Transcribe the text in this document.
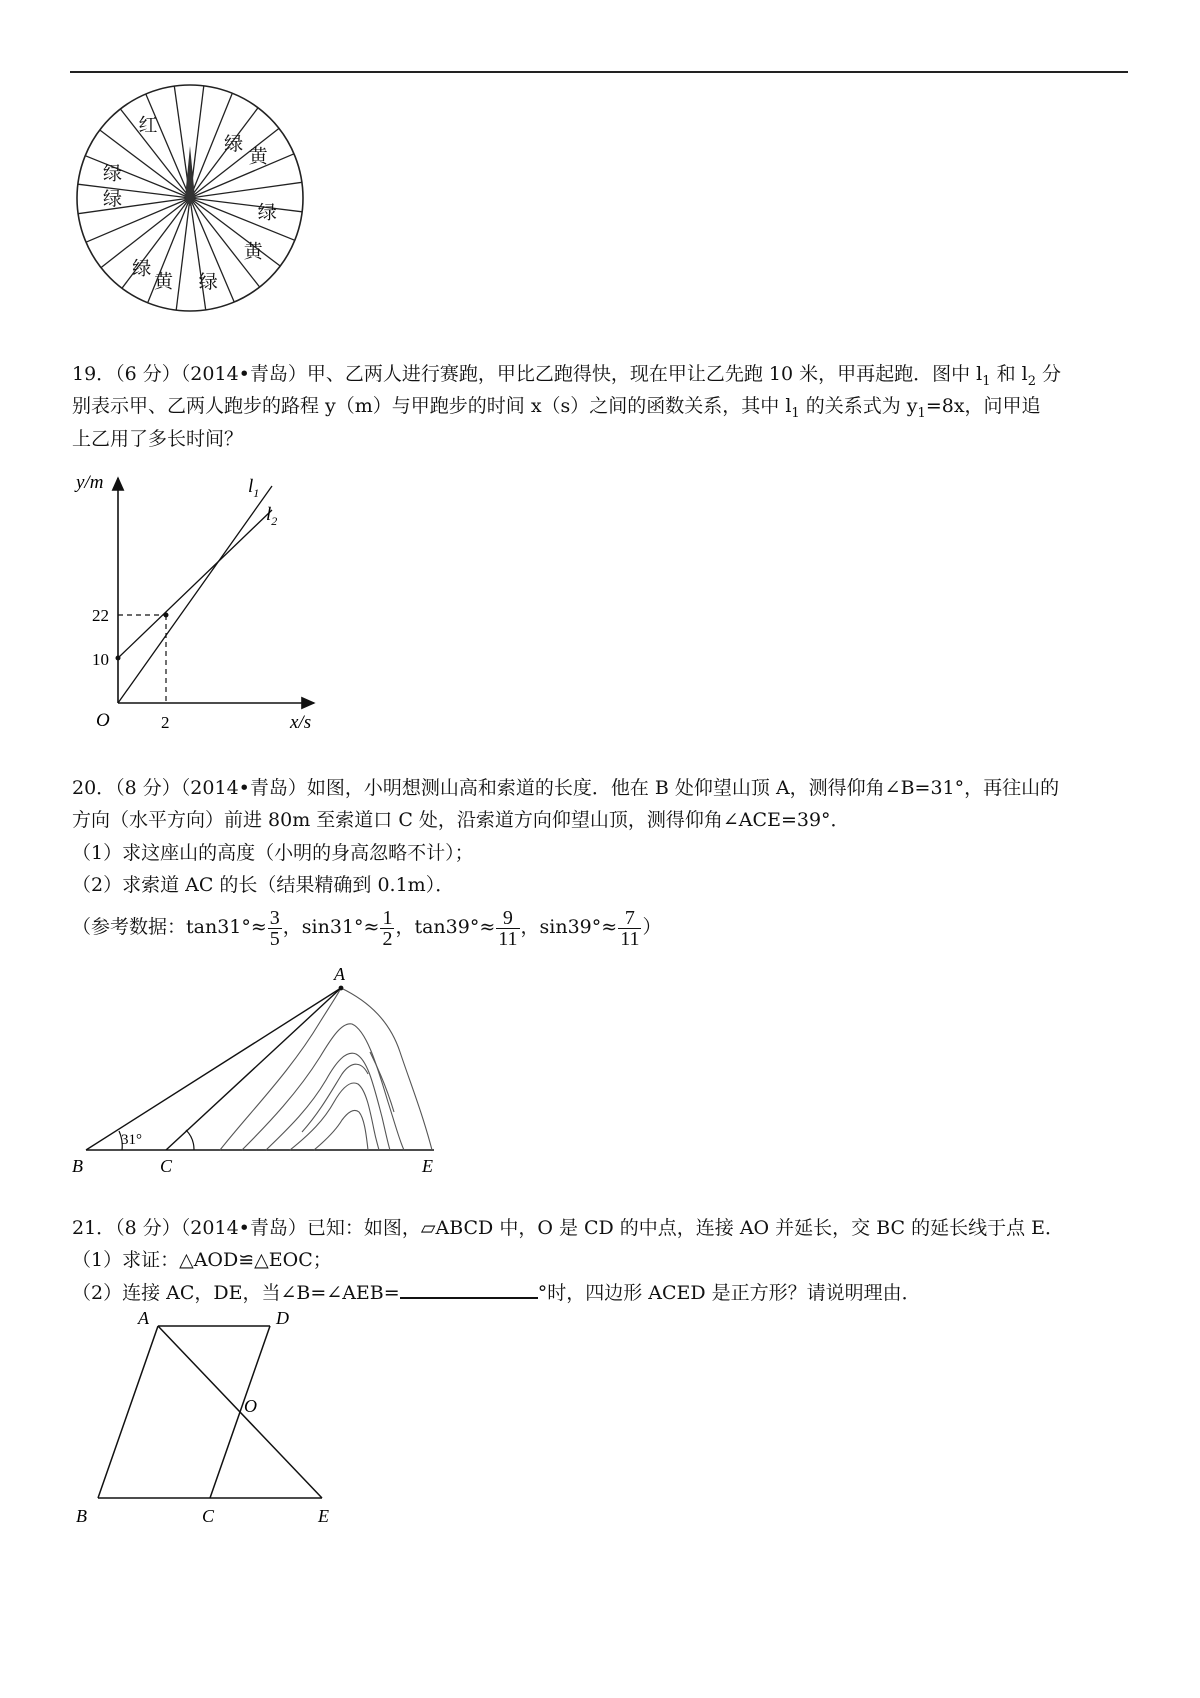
红
绿
黄
绿
黄
绿
黄
绿
绿
绿
19．（6 分）（2014•青岛）甲、乙两人进行赛跑，甲比乙跑得快，现在甲让乙先跑 10 米，甲再起跑．图中 $l_1$ 和 $l_2$ 分
别表示甲、乙两人跑步的路程 y（m）与甲跑步的时间 x（s）之间的函数关系，其中 $l_1$ 的关系式为 $y_1=8x$，问甲追
上乙用了多长时间？
y/m
x/s
O
22
10
2
$l_1$
$l_2$
20．（8 分）（2014•青岛）如图，小明想测山高和索道的长度．他在 B 处仰望山顶 A，测得仰角∠B=31°，再往山的
方向（水平方向）前进 80m 至索道口 C 处，沿索道方向仰望山顶，测得仰角∠ACE=39°．
（1）求这座山的高度（小明的身高忽略不计）；
（2）求索道 AC 的长（结果精确到 0.1m）．
（参考数据：$\tan 31^\circ\approx \frac{3}{5}$ ，$\sin 31^\circ\approx \frac{1}{2}$ ，$\tan 39^\circ\approx \frac{9}{11}$ ，$\sin 39^\circ\approx \frac{7}{11}$ ）
A
B	C	E
31°
21．（8 分）（2014•青岛）已知：如图，▱ABCD 中，O 是 CD 的中点，连接 AO 并延长，交 BC 的延长线于点 E．
（1）求证：△AOD≌△EOC；
（2）连接 AC，DE，当∠B=∠AEB=	°时，四边形 ACED 是正方形？请说明理由．
A	D
O
B	C	E
